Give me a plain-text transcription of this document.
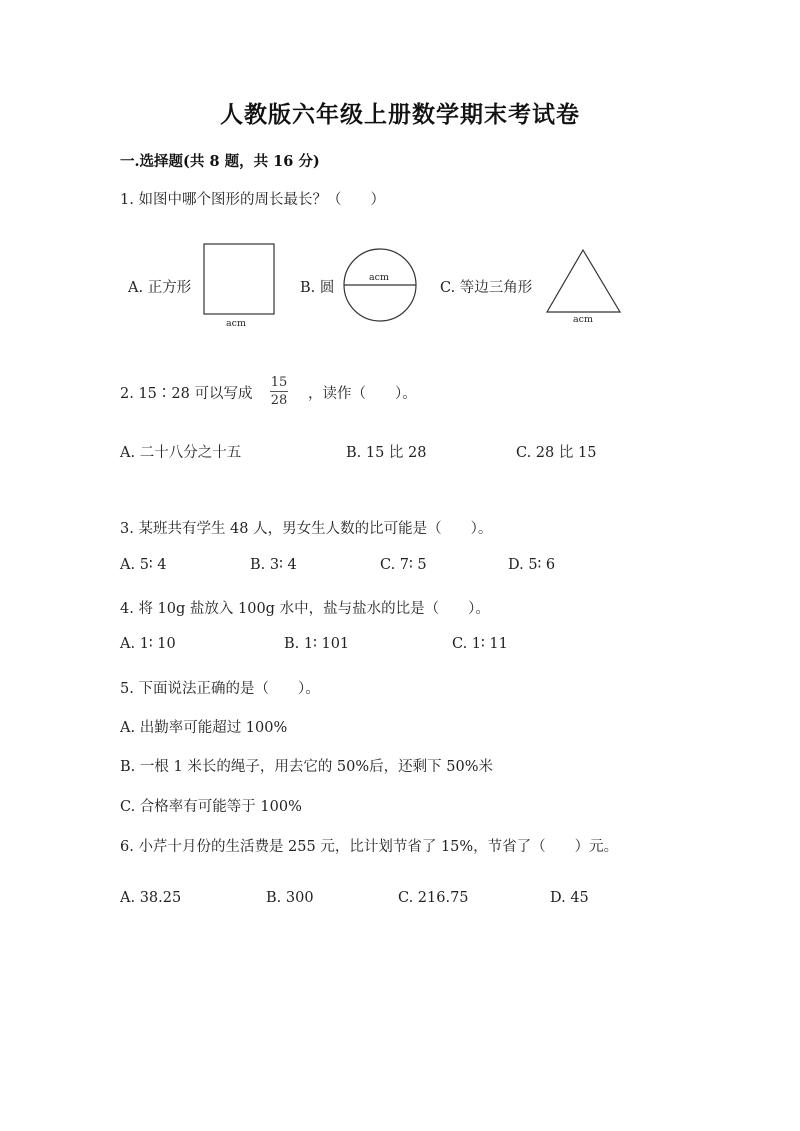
人教版六年级上册数学期末考试卷
一.选择题(共 8 题，共 16 分)
1. 如图中哪个图形的周长最长？（　　）
A. 正方形
acm
B. 圆
acm
C. 等边三角形
acm
2. 15∶28 可以写成
15
28 ，读作（　　）。
A. 二十八分之十五	B. 15 比 28	C. 28 比 15
3. 某班共有学生 48 人，男女生人数的比可能是（　　）。
A. 5∶ 4	B. 3∶ 4	C. 7∶ 5	D. 5∶ 6
4. 将 10g 盐放入 100g 水中，盐与盐水的比是（　　）。
A. 1∶ 10	B. 1∶ 101	C. 1∶ 11
5. 下面说法正确的是（　　）。
A. 出勤率可能超过 100%
B. 一根 1 米长的绳子，用去它的 50%后，还剩下 50%米
C. 合格率有可能等于 100%
6. 小芹十月份的生活费是 255 元，比计划节省了 15%，节省了（　　）元。
A. 38.25	B. 300	C. 216.75	D. 45
